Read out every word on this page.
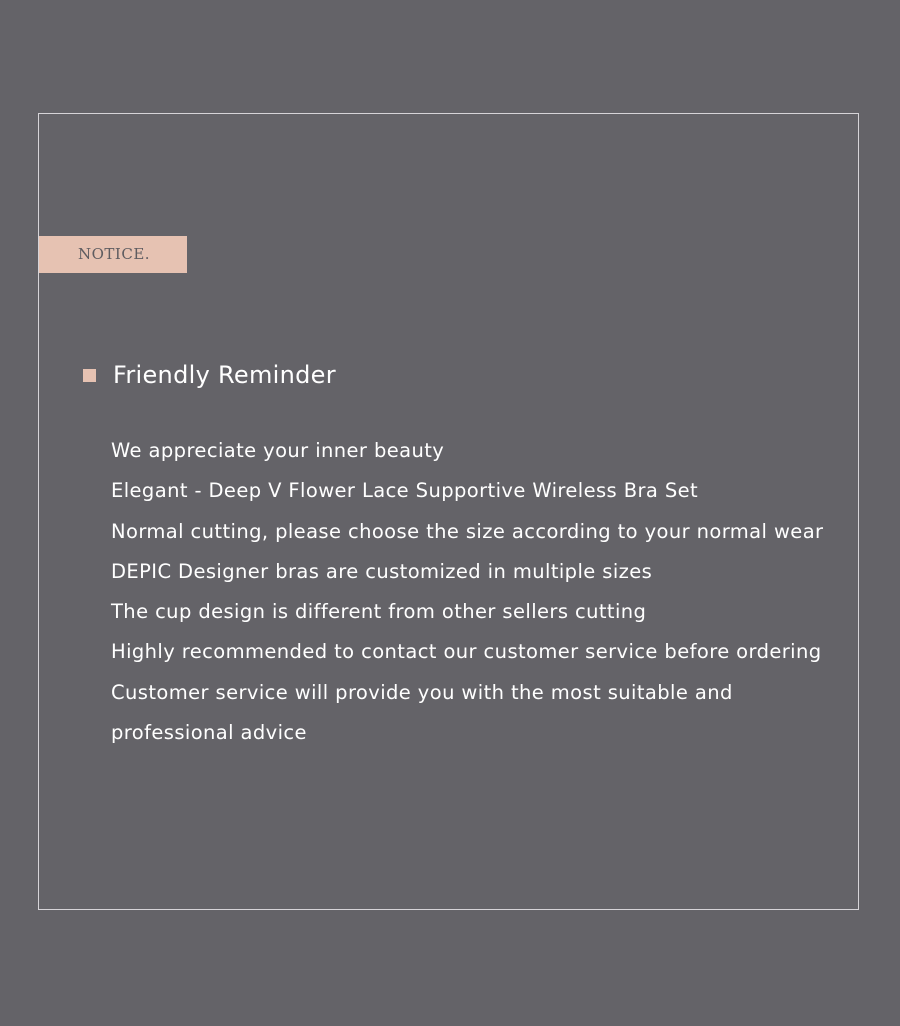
NOTICE.
Friendly Reminder
We appreciate your inner beauty
Elegant - Deep V Flower Lace Supportive Wireless Bra Set
Normal cutting, please choose the size according to your normal wear
DEPIC Designer bras are customized in multiple sizes
The cup design is different from other sellers cutting
Highly recommended to contact our customer service before ordering
Customer service will provide you with the most suitable and
professional advice
